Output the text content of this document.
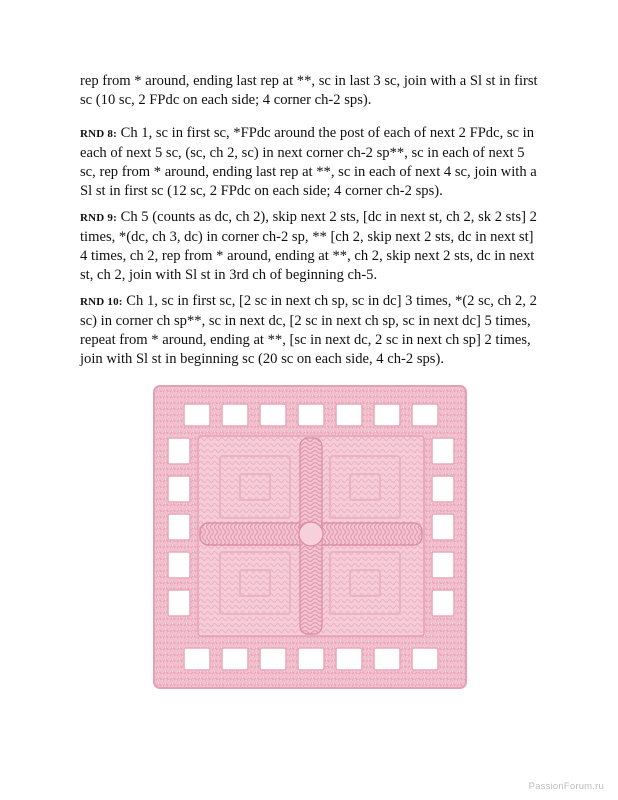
rep from * around, ending last rep at **, sc in last 3 sc, join with a Sl st in first sc (10 sc, 2 FPdc on each side; 4 corner ch-2 sps).

RND 8: Ch 1, sc in first sc, *FPdc around the post of each of next 2 FPdc, sc in each of next 5 sc, (sc, ch 2, sc) in next corner ch-2 sp**, sc in each of next 5 sc, rep from * around, ending last rep at **, sc in each of next 4 sc, join with a Sl st in first sc (12 sc, 2 FPdc on each side; 4 corner ch-2 sps).

RND 9: Ch 5 (counts as dc, ch 2), skip next 2 sts, [dc in next st, ch 2, sk 2 sts] 2 times, *(dc, ch 3, dc) in corner ch-2 sp, ** [ch 2, skip next 2 sts, dc in next st] 4 times, ch 2, rep from * around, ending at **, ch 2, skip next 2 sts, dc in next st, ch 2, join with Sl st in 3rd ch of beginning ch-5.

RND 10: Ch 1, sc in first sc, [2 sc in next ch sp, sc in dc] 3 times, *(2 sc, ch 2, 2 sc) in corner ch sp**, sc in next dc, [2 sc in next ch sp, sc in next dc] 5 times, repeat from * around, ending at **, [sc in next dc, 2 sc in next ch sp] 2 times, join with Sl st in beginning sc (20 sc on each side, 4 ch-2 sps).

PassionForum.ru
